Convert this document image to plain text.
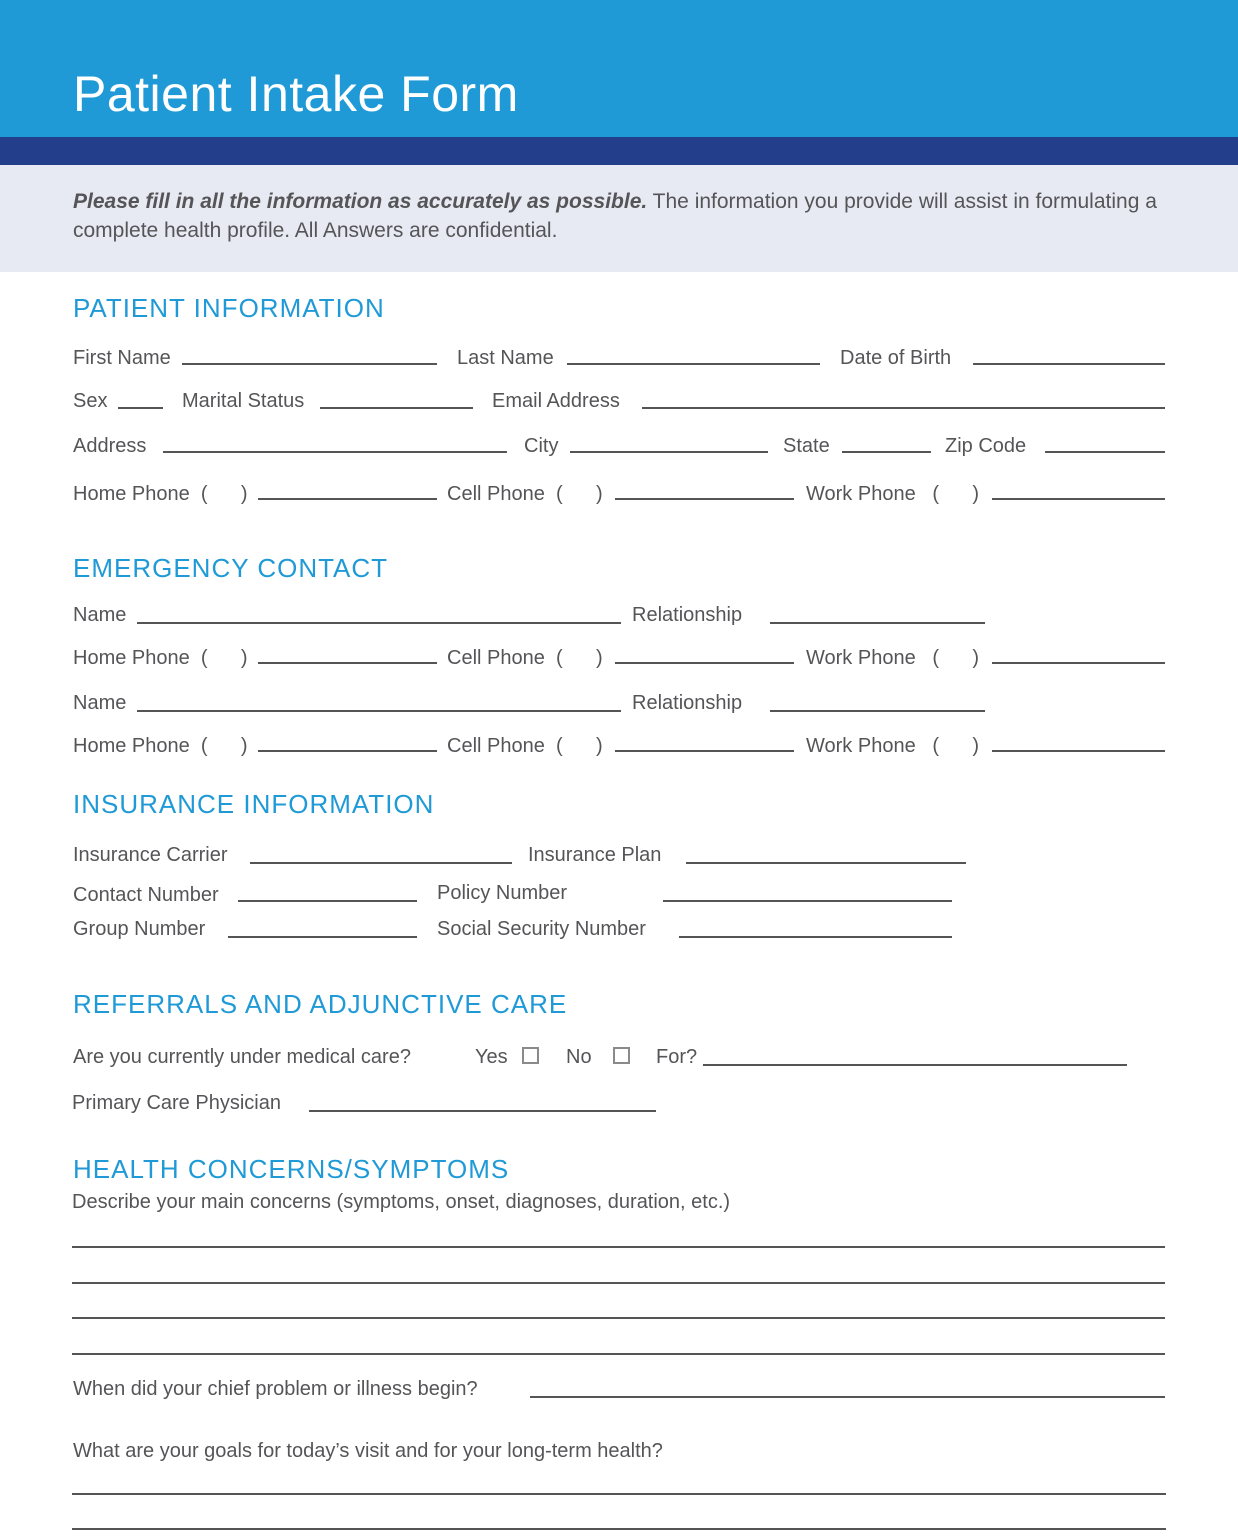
Patient Intake Form
Please fill in all the information as accurately as possible. The information you provide will assist in formulating a complete health profile. All Answers are confidential.
PATIENT INFORMATION
First Name	Last Name	Date of Birth
Sex	Marital Status	Email Address
Address	City	State	Zip Code
Home Phone  (      )	Cell Phone  (      )	Work Phone   (      )
EMERGENCY CONTACT
Name	Relationship
Home Phone  (      )	Cell Phone  (      )	Work Phone   (      )
Name	Relationship
Home Phone  (      )	Cell Phone  (      )	Work Phone   (      )
INSURANCE INFORMATION
Insurance Carrier	Insurance Plan
Contact Number	Policy Number
Group Number	Social Security Number
REFERRALS AND ADJUNCTIVE CARE
Are you currently under medical care?	Yes	No	For?
Primary Care Physician
HEALTH CONCERNS/SYMPTOMS
Describe your main concerns (symptoms, onset, diagnoses, duration, etc.)
When did your chief problem or illness begin?
What are your goals for today’s visit and for your long-term health?
